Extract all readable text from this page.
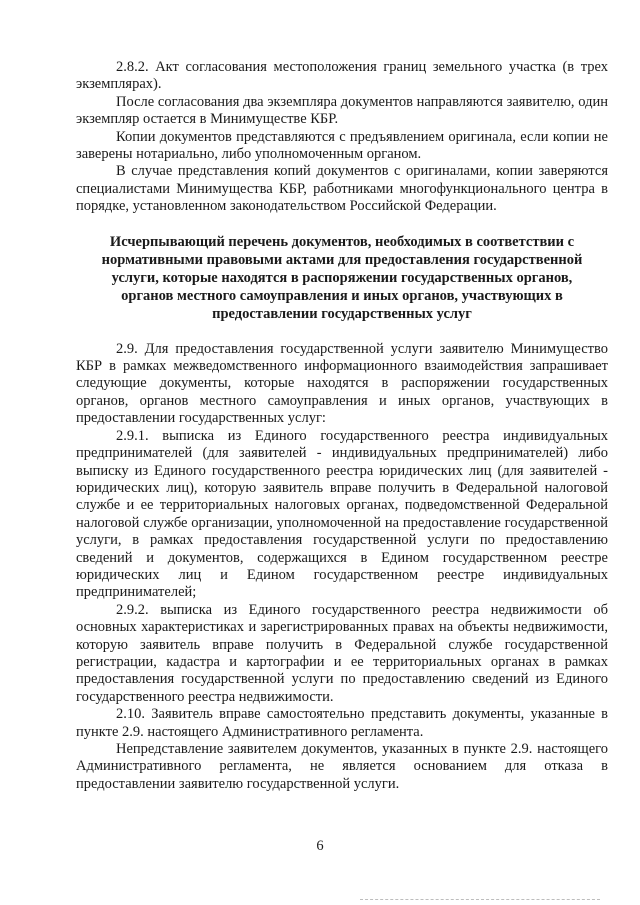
2.8.2. Акт согласования местоположения границ земельного участка (в трех экземплярах).

После согласования два экземпляра документов направляются заявителю, один экземпляр остается в Минимуществе КБР.

Копии документов представляются с предъявлением оригинала, если копии не заверены нотариально, либо уполномоченным органом.

В случае представления копий документов с оригиналами, копии заверяются специалистами Минимущества КБР, работниками многофункционального центра в порядке, установленном законодательством Российской Федерации.

Исчерпывающий перечень документов, необходимых в соответствии с нормативными правовыми актами для предоставления государственной услуги, которые находятся в распоряжении государственных органов, органов местного самоуправления и иных органов, участвующих в предоставлении государственных услуг

2.9. Для предоставления государственной услуги заявителю Минимущество КБР в рамках межведомственного информационного взаимодействия запрашивает следующие документы, которые находятся в распоряжении государственных органов, органов местного самоуправления и иных органов, участвующих в предоставлении государственных услуг:

2.9.1. выписка из Единого государственного реестра индивидуальных предпринимателей (для заявителей - индивидуальных предпринимателей) либо выписку из Единого государственного реестра юридических лиц (для заявителей - юридических лиц), которую заявитель вправе получить в Федеральной налоговой службе и ее территориальных налоговых органах, подведомственной Федеральной налоговой службе организации, уполномоченной на предоставление государственной услуги, в рамках предоставления государственной услуги по предоставлению сведений и документов, содержащихся в Едином государственном реестре юридических лиц и Едином государственном реестре индивидуальных предпринимателей;

2.9.2. выписка из Единого государственного реестра недвижимости об основных характеристиках и зарегистрированных правах на объекты недвижимости, которую заявитель вправе получить в Федеральной службе государственной регистрации, кадастра и картографии и ее территориальных органах в рамках предоставления государственной услуги по предоставлению сведений из Единого государственного реестра недвижимости.

2.10. Заявитель вправе самостоятельно представить документы, указанные в пункте 2.9. настоящего Административного регламента.

Непредставление заявителем документов, указанных в пункте 2.9. настоящего Административного регламента, не является основанием для отказа в предоставлении заявителю государственной услуги.

6
